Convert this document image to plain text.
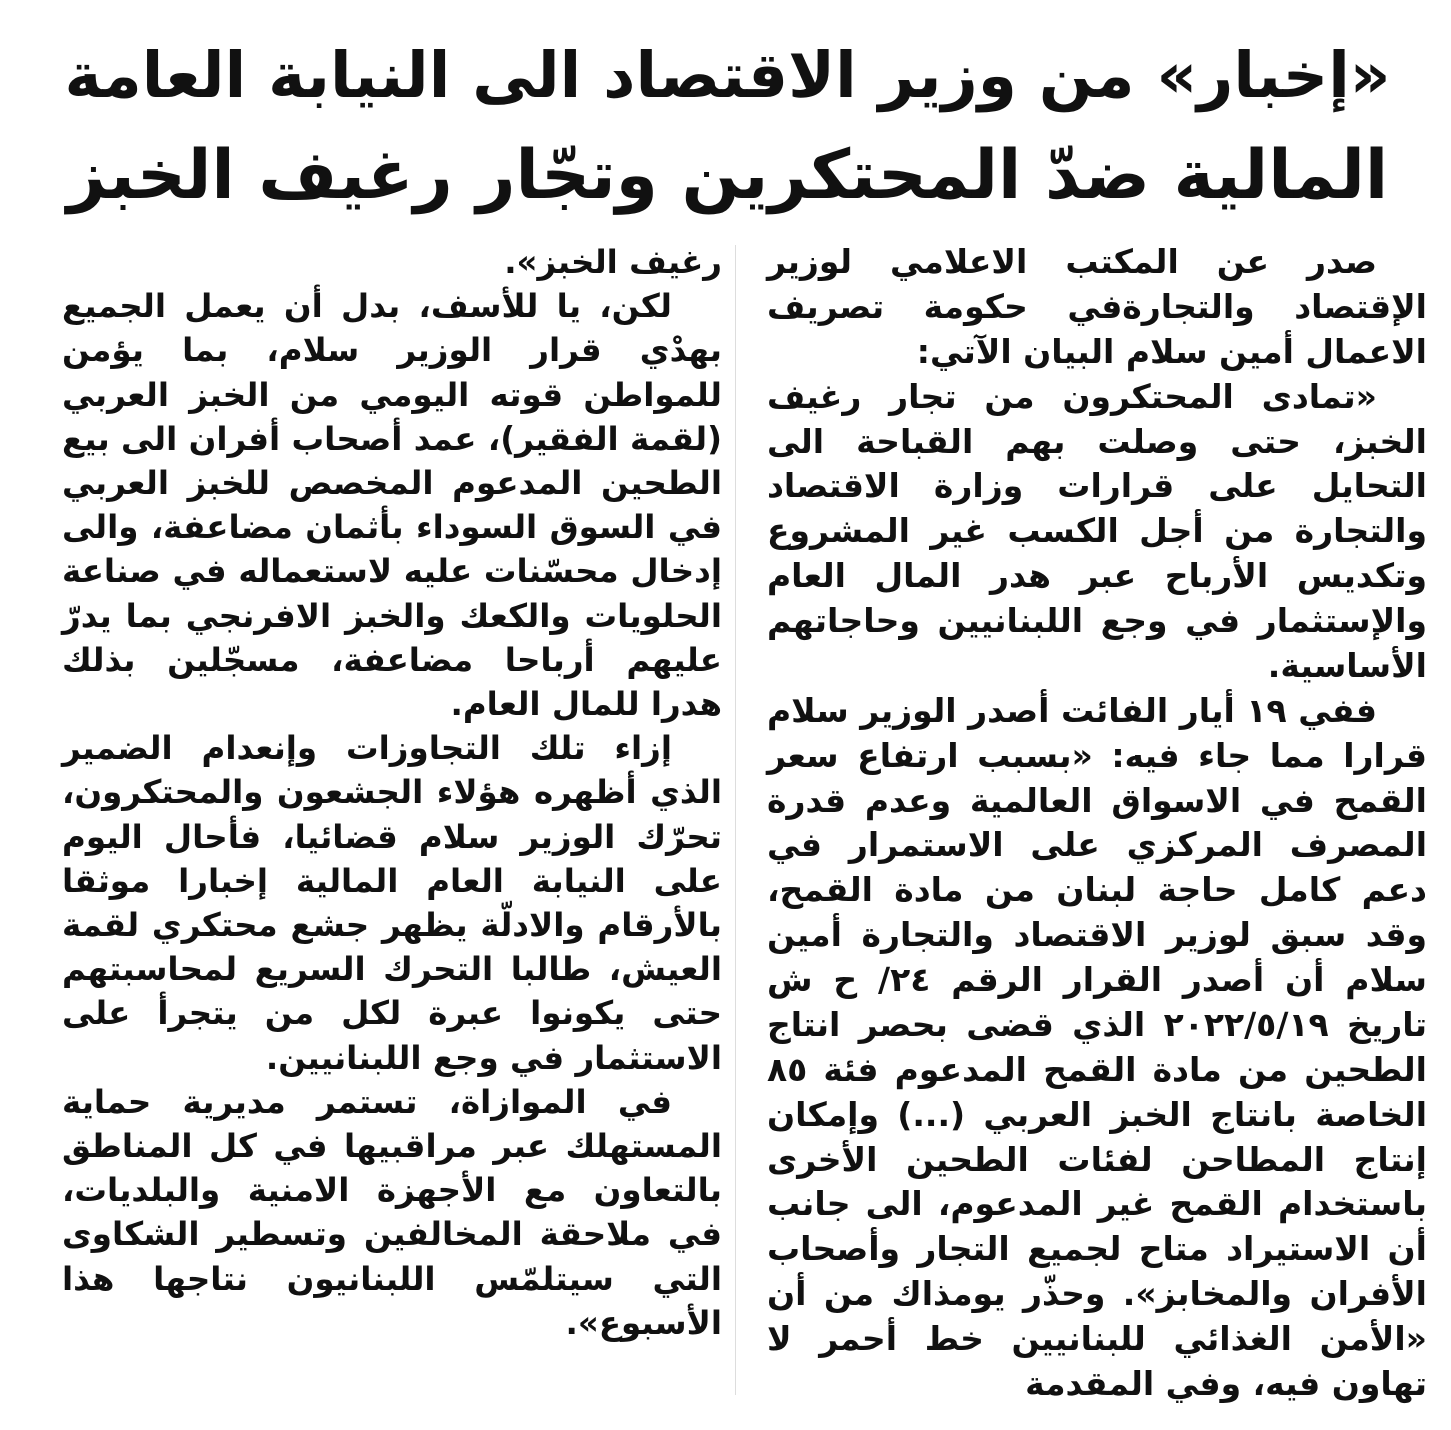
«إخبار» من وزير الاقتصاد الى النيابة العامة
المالية ضدّ المحتكرين وتجّار رغيف الخبز

صدر عن المكتب الاعلامي لوزير الإقتصاد والتجارةفي حكومة تصريف الاعمال أمين سلام البيان الآتي:

«تمادى المحتكرون من تجار رغيف الخبز، حتى وصلت بهم القباحة الى التحايل على قرارات وزارة الاقتصاد والتجارة من أجل الكسب غير المشروع وتكديس الأرباح عبر هدر المال العام والإستثمار في وجع اللبنانيين وحاجاتهم الأساسية.

ففي ١٩ أيار الفائت أصدر الوزير سلام قرارا مما جاء فيه: «بسبب ارتفاع سعر القمح في الاسواق العالمية وعدم قدرة المصرف المركزي على الاستمرار في دعم كامل حاجة لبنان من مادة القمح، وقد سبق لوزير الاقتصاد والتجارة أمين سلام أن أصدر القرار الرقم ٢٤/ ح ش تاريخ ٢٠٢٢/٥/١٩ الذي قضى بحصر انتاج الطحين من مادة القمح المدعوم فئة ٨٥ الخاصة بانتاج الخبز العربي (...) وإمكان إنتاج المطاحن لفئات الطحين الأخرى باستخدام القمح غير المدعوم، الى جانب أن الاستيراد متاح لجميع التجار وأصحاب الأفران والمخابز». وحذّر يومذاك من أن «الأمن الغذائي للبنانيين خط أحمر لا تهاون فيه، وفي المقدمة

رغيف الخبز».

لكن، يا للأسف، بدل أن يعمل الجميع بهدْي قرار الوزير سلام، بما يؤمن للمواطن قوته اليومي من الخبز العربي (لقمة الفقير)، عمد أصحاب أفران الى بيع الطحين المدعوم المخصص للخبز العربي في السوق السوداء بأثمان مضاعفة، والى إدخال محسّنات عليه لاستعماله في صناعة الحلويات والكعك والخبز الافرنجي بما يدرّ عليهم أرباحا مضاعفة، مسجّلين بذلك هدرا للمال العام.

إزاء تلك التجاوزات وإنعدام الضمير الذي أظهره هؤلاء الجشعون والمحتكرون، تحرّك الوزير سلام قضائيا، فأحال اليوم على النيابة العام المالية إخبارا موثقا بالأرقام والادلّة يظهر جشع محتكري لقمة العيش، طالبا التحرك السريع لمحاسبتهم حتى يكونوا عبرة لكل من يتجرأ على الاستثمار في وجع اللبنانيين.

في الموازاة، تستمر مديرية حماية المستهلك عبر مراقبيها في كل المناطق بالتعاون مع الأجهزة الامنية والبلديات، في ملاحقة المخالفين وتسطير الشكاوى التي سيتلمّس اللبنانيون نتاجها هذا الأسبوع».
